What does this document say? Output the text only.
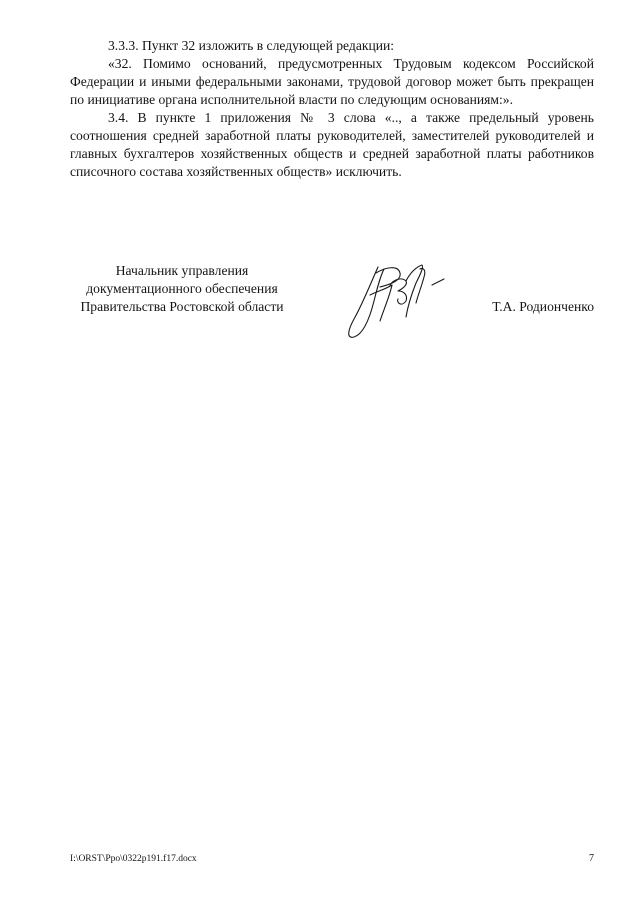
3.3.3. Пункт 32 изложить в следующей редакции:

«32. Помимо оснований, предусмотренных Трудовым кодексом Российской Федерации и иными федеральными законами, трудовой договор может быть прекращен по инициативе органа исполнительной власти по следующим основаниям:».

3.4. В пункте 1 приложения № 3 слова «.., а также предельный уровень соотношения средней заработной платы руководителей, заместителей руководителей и главных бухгалтеров хозяйственных обществ и средней заработной платы работников списочного состава хозяйственных обществ» исключить.

Начальник управления
документационного обеспечения
Правительства Ростовской области	Т.А. Родионченко
I:\ORST\Ppo\0322p191.f17.docx	7
